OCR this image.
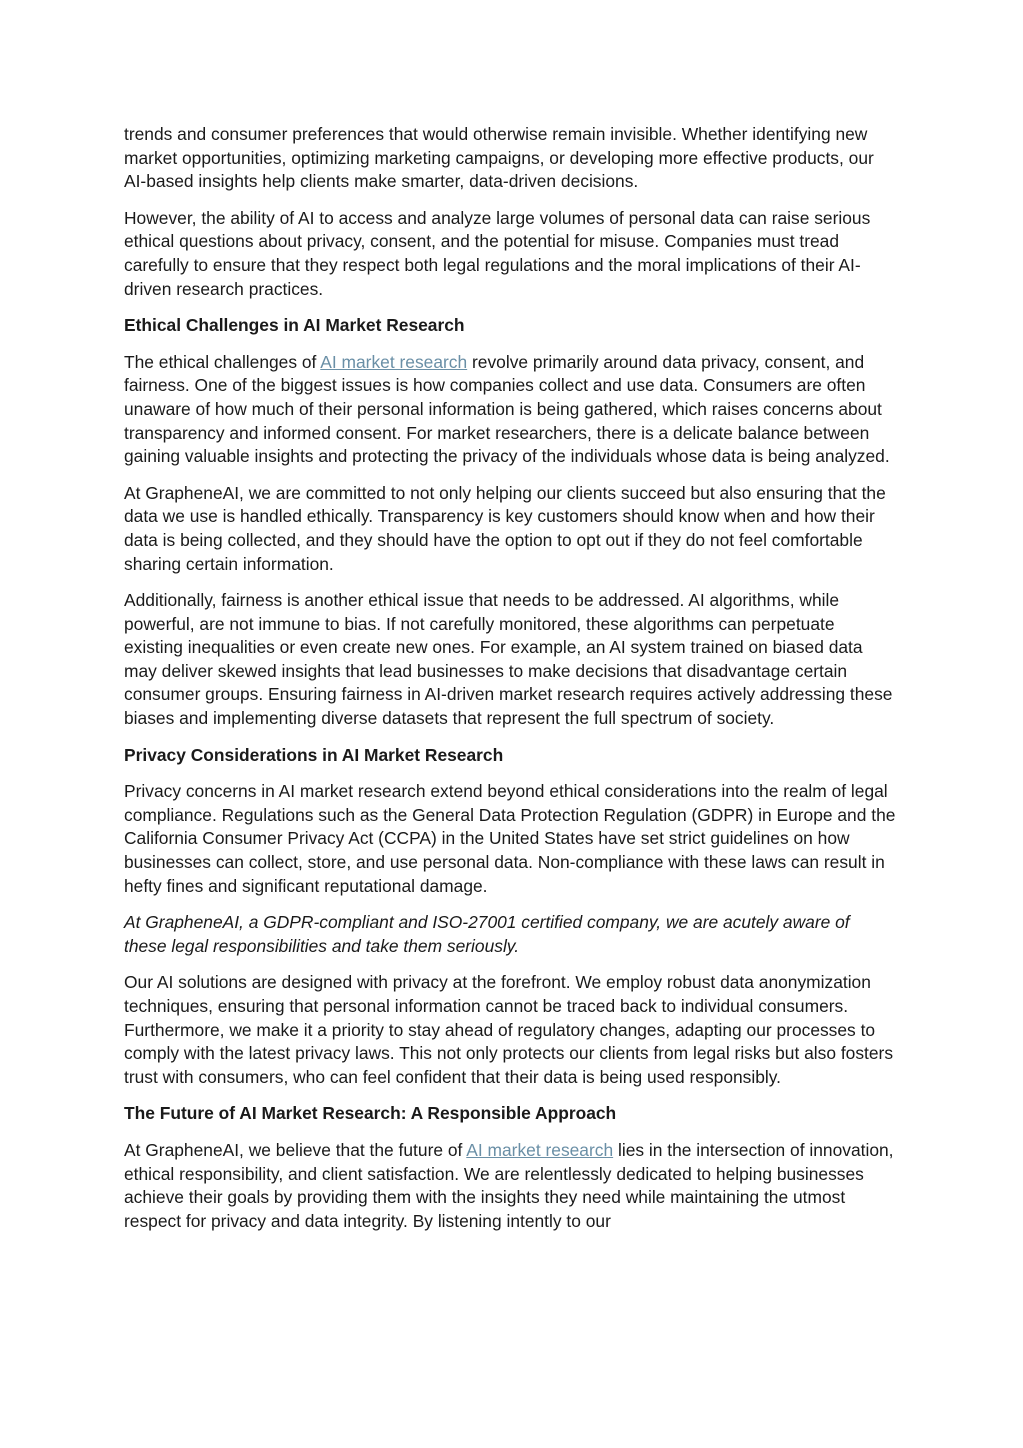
trends and consumer preferences that would otherwise remain invisible. Whether identifying new market opportunities, optimizing marketing campaigns, or developing more effective products, our AI-based insights help clients make smarter, data-driven decisions.

However, the ability of AI to access and analyze large volumes of personal data can raise serious ethical questions about privacy, consent, and the potential for misuse. Companies must tread carefully to ensure that they respect both legal regulations and the moral implications of their AI-driven research practices.

Ethical Challenges in AI Market Research

The ethical challenges of AI market research revolve primarily around data privacy, consent, and fairness. One of the biggest issues is how companies collect and use data. Consumers are often unaware of how much of their personal information is being gathered, which raises concerns about transparency and informed consent. For market researchers, there is a delicate balance between gaining valuable insights and protecting the privacy of the individuals whose data is being analyzed.

At GrapheneAI, we are committed to not only helping our clients succeed but also ensuring that the data we use is handled ethically. Transparency is key customers should know when and how their data is being collected, and they should have the option to opt out if they do not feel comfortable sharing certain information.

Additionally, fairness is another ethical issue that needs to be addressed. AI algorithms, while powerful, are not immune to bias. If not carefully monitored, these algorithms can perpetuate existing inequalities or even create new ones. For example, an AI system trained on biased data may deliver skewed insights that lead businesses to make decisions that disadvantage certain consumer groups. Ensuring fairness in AI-driven market research requires actively addressing these biases and implementing diverse datasets that represent the full spectrum of society.

Privacy Considerations in AI Market Research

Privacy concerns in AI market research extend beyond ethical considerations into the realm of legal compliance. Regulations such as the General Data Protection Regulation (GDPR) in Europe and the California Consumer Privacy Act (CCPA) in the United States have set strict guidelines on how businesses can collect, store, and use personal data. Non-compliance with these laws can result in hefty fines and significant reputational damage.

At GrapheneAI, a GDPR-compliant and ISO-27001 certified company, we are acutely aware of these legal responsibilities and take them seriously.

Our AI solutions are designed with privacy at the forefront. We employ robust data anonymization techniques, ensuring that personal information cannot be traced back to individual consumers. Furthermore, we make it a priority to stay ahead of regulatory changes, adapting our processes to comply with the latest privacy laws. This not only protects our clients from legal risks but also fosters trust with consumers, who can feel confident that their data is being used responsibly.

The Future of AI Market Research: A Responsible Approach

At GrapheneAI, we believe that the future of AI market research lies in the intersection of innovation, ethical responsibility, and client satisfaction. We are relentlessly dedicated to helping businesses achieve their goals by providing them with the insights they need while maintaining the utmost respect for privacy and data integrity. By listening intently to our
